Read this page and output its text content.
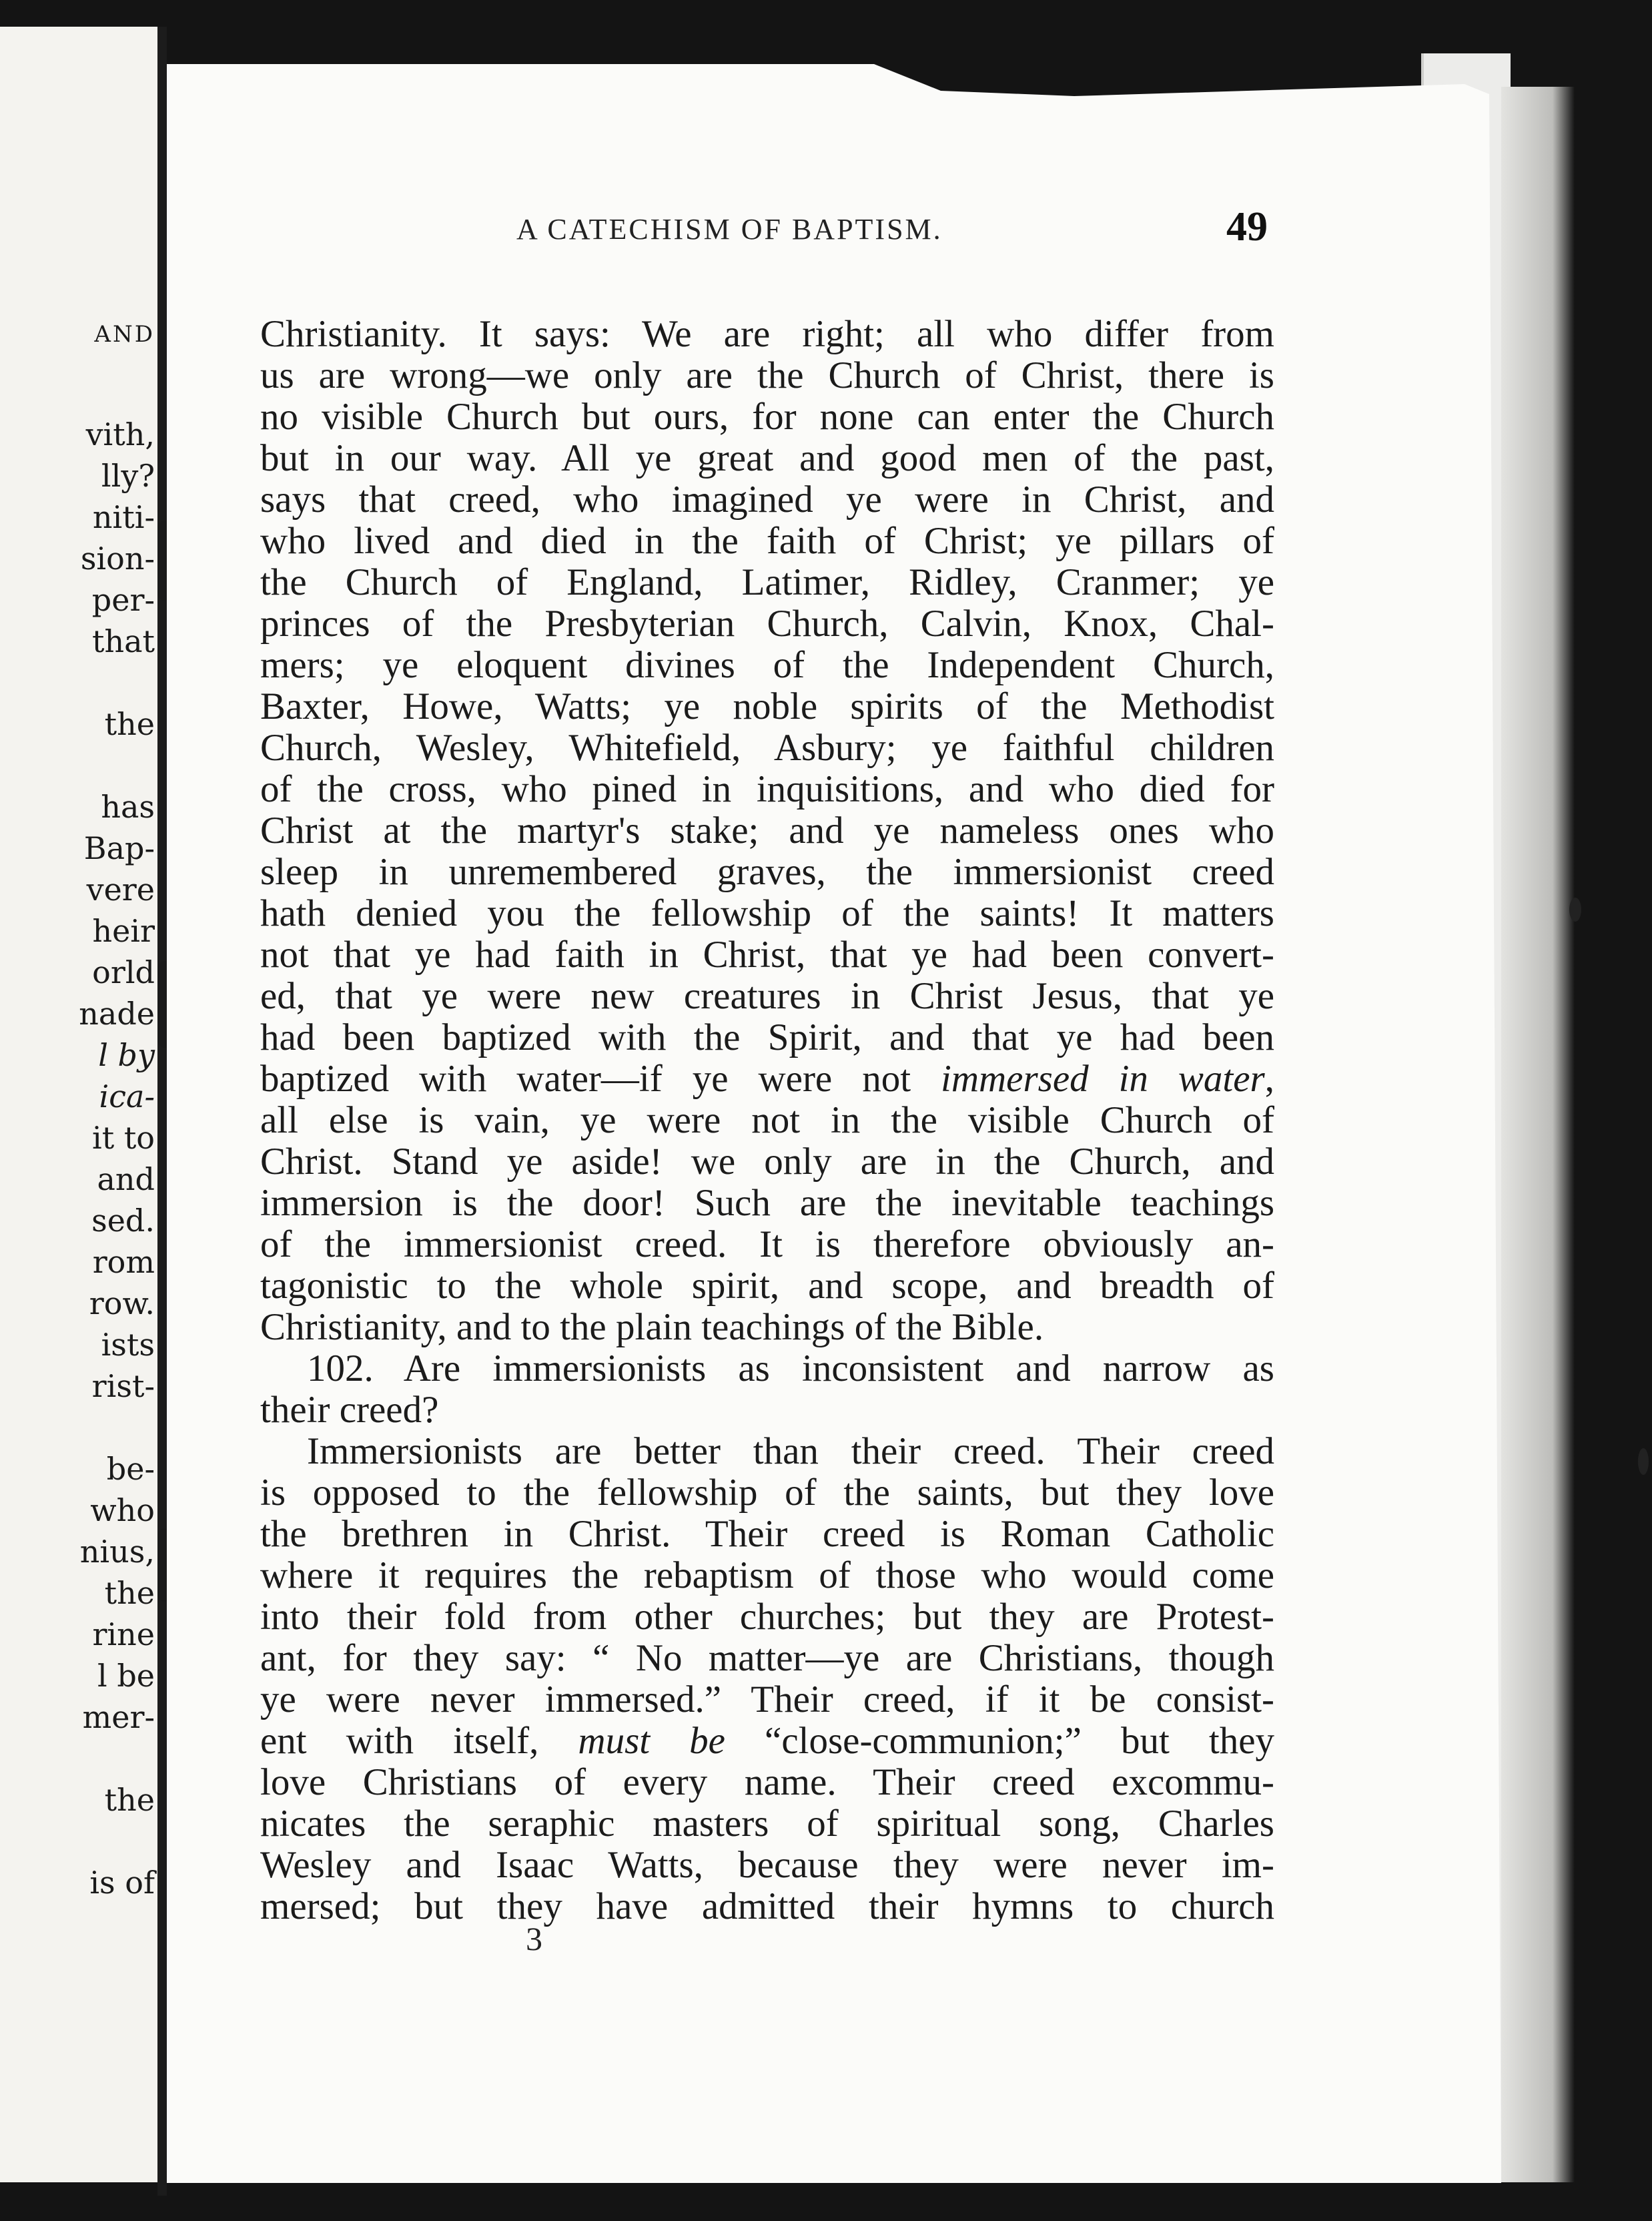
AND
vith,
lly?
niti-
sion-
per-
that
the
has
Bap-
vere
heir
orld
nade
l by
ica-
it to
and
sed.
rom
row.
ists
rist-
be-
who
nius,
the
rine
l be
mer-
the
is of
A CATECHISM OF BAPTISM.	49
Christianity. It says: We are right; all who differ from
us are wrong—we only are the Church of Christ, there is
no visible Church but ours, for none can enter the Church
but in our way. All ye great and good men of the past,
says that creed, who imagined ye were in Christ, and
who lived and died in the faith of Christ; ye pillars of
the Church of England, Latimer, Ridley, Cranmer; ye
princes of the Presbyterian Church, Calvin, Knox, Chal-
mers; ye eloquent divines of the Independent Church,
Baxter, Howe, Watts; ye noble spirits of the Methodist
Church, Wesley, Whitefield, Asbury; ye faithful children
of the cross, who pined in inquisitions, and who died for
Christ at the martyr's stake; and ye nameless ones who
sleep in unremembered graves, the immersionist creed
hath denied you the fellowship of the saints! It matters
not that ye had faith in Christ, that ye had been convert-
ed, that ye were new creatures in Christ Jesus, that ye
had been baptized with the Spirit, and that ye had been
baptized with water—if ye were not immersed in water,
all else is vain, ye were not in the visible Church of
Christ. Stand ye aside! we only are in the Church, and
immersion is the door! Such are the inevitable teachings
of the immersionist creed. It is therefore obviously an-
tagonistic to the whole spirit, and scope, and breadth of
Christianity, and to the plain teachings of the Bible.
102. Are immersionists as inconsistent and narrow as
their creed?
Immersionists are better than their creed. Their creed
is opposed to the fellowship of the saints, but they love
the brethren in Christ. Their creed is Roman Catholic
where it requires the rebaptism of those who would come
into their fold from other churches; but they are Protest-
ant, for they say: “ No matter—ye are Christians, though
ye were never immersed.” Their creed, if it be consist-
ent with itself, must be “close-communion;” but they
love Christians of every name. Their creed excommu-
nicates the seraphic masters of spiritual song, Charles
Wesley and Isaac Watts, because they were never im-
mersed; but they have admitted their hymns to church
3
